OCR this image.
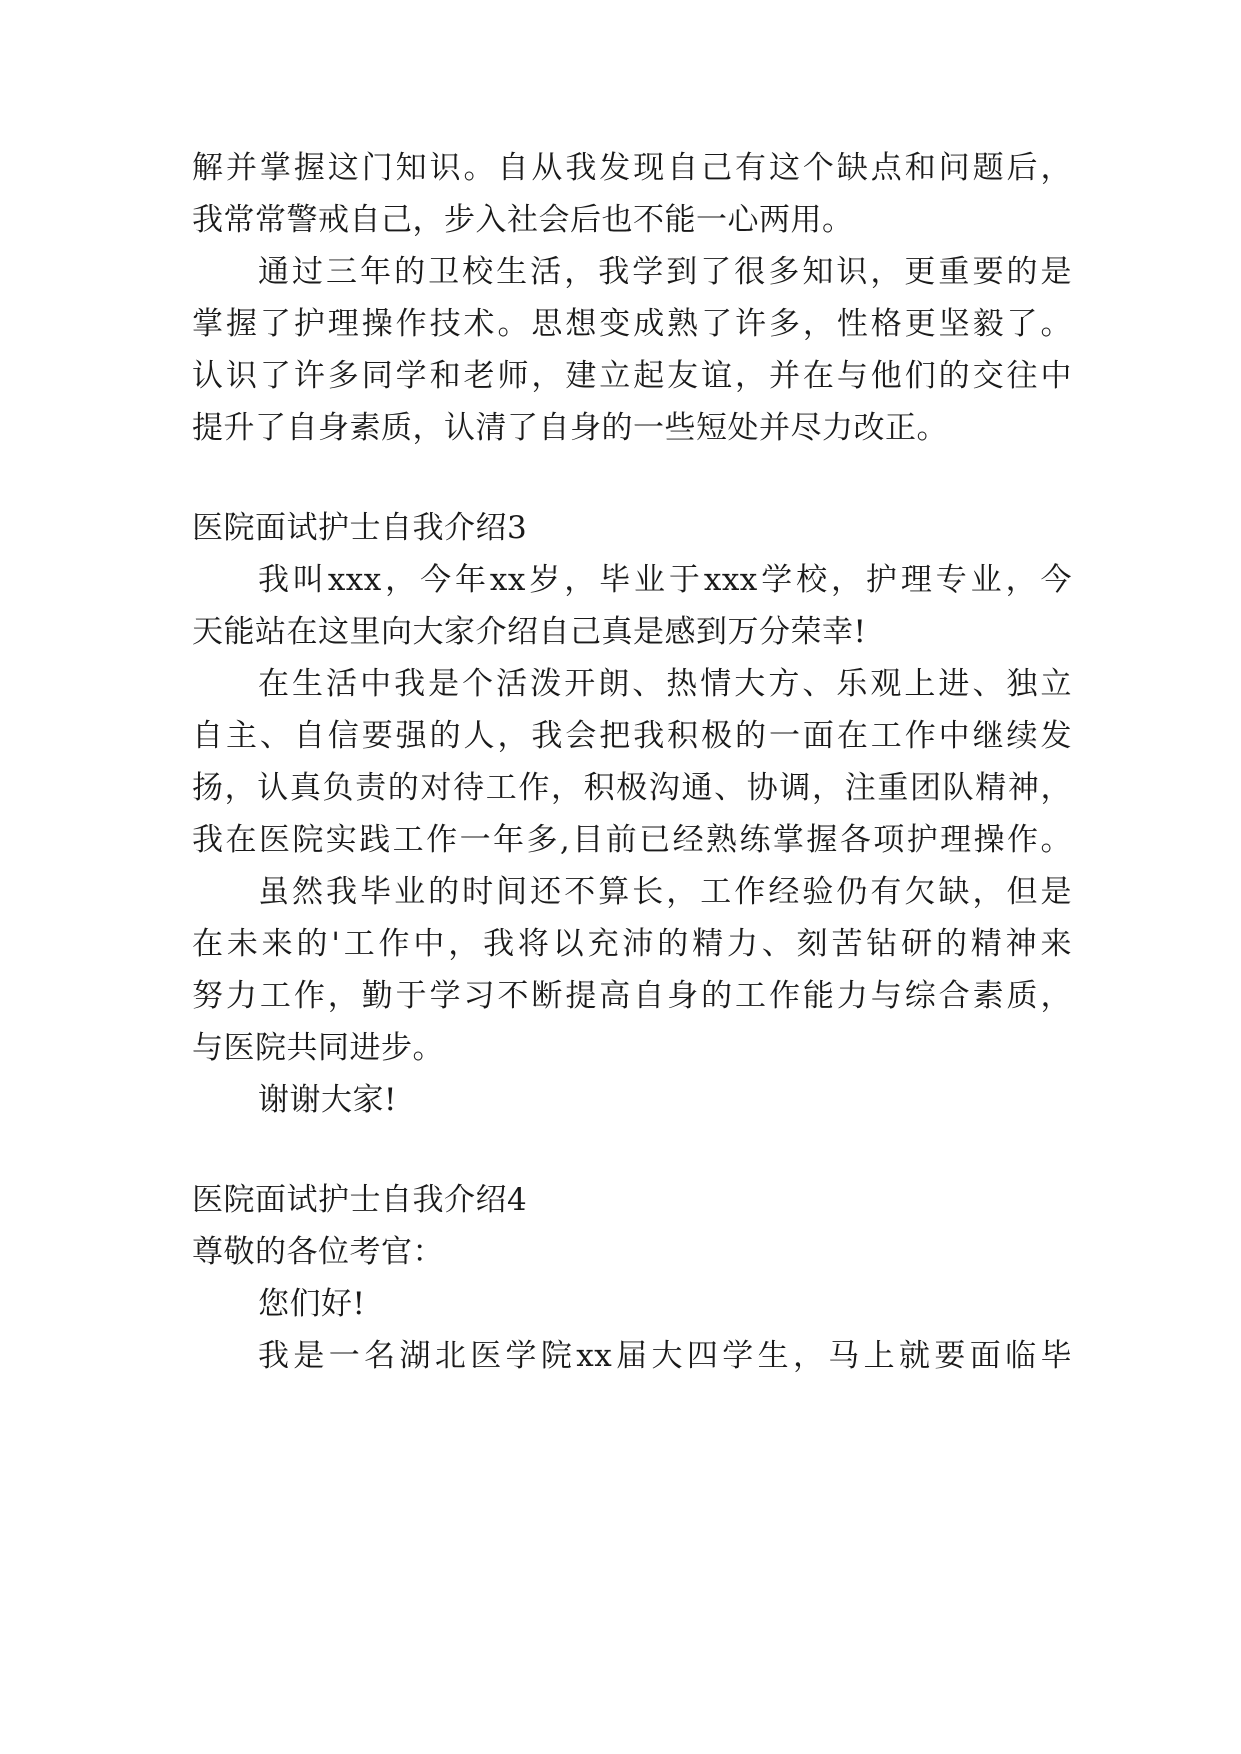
解并掌握这门知识。自从我发现自己有这个缺点和问题后，
我常常警戒自己，步入社会后也不能一心两用。
通过三年的卫校生活，我学到了很多知识，更重要的是
掌握了护理操作技术。思想变成熟了许多，性格更坚毅了。
认识了许多同学和老师，建立起友谊，并在与他们的交往中
提升了自身素质，认清了自身的一些短处并尽力改正。
医院面试护士自我介绍3
我叫xxx，今年xx岁，毕业于xxx学校，护理专业，今
天能站在这里向大家介绍自己真是感到万分荣幸!
在生活中我是个活泼开朗、热情大方、乐观上进、独立
自主、自信要强的人，我会把我积极的一面在工作中继续发
扬，认真负责的对待工作，积极沟通、协调，注重团队精神，
我在医院实践工作一年多,目前已经熟练掌握各项护理操作。
虽然我毕业的时间还不算长，工作经验仍有欠缺，但是
在未来的'工作中，我将以充沛的精力、刻苦钻研的精神来
努力工作，勤于学习不断提高自身的工作能力与综合素质，
与医院共同进步。
谢谢大家!
医院面试护士自我介绍4
尊敬的各位考官：
您们好!
我是一名湖北医学院xx届大四学生，马上就要面临毕
